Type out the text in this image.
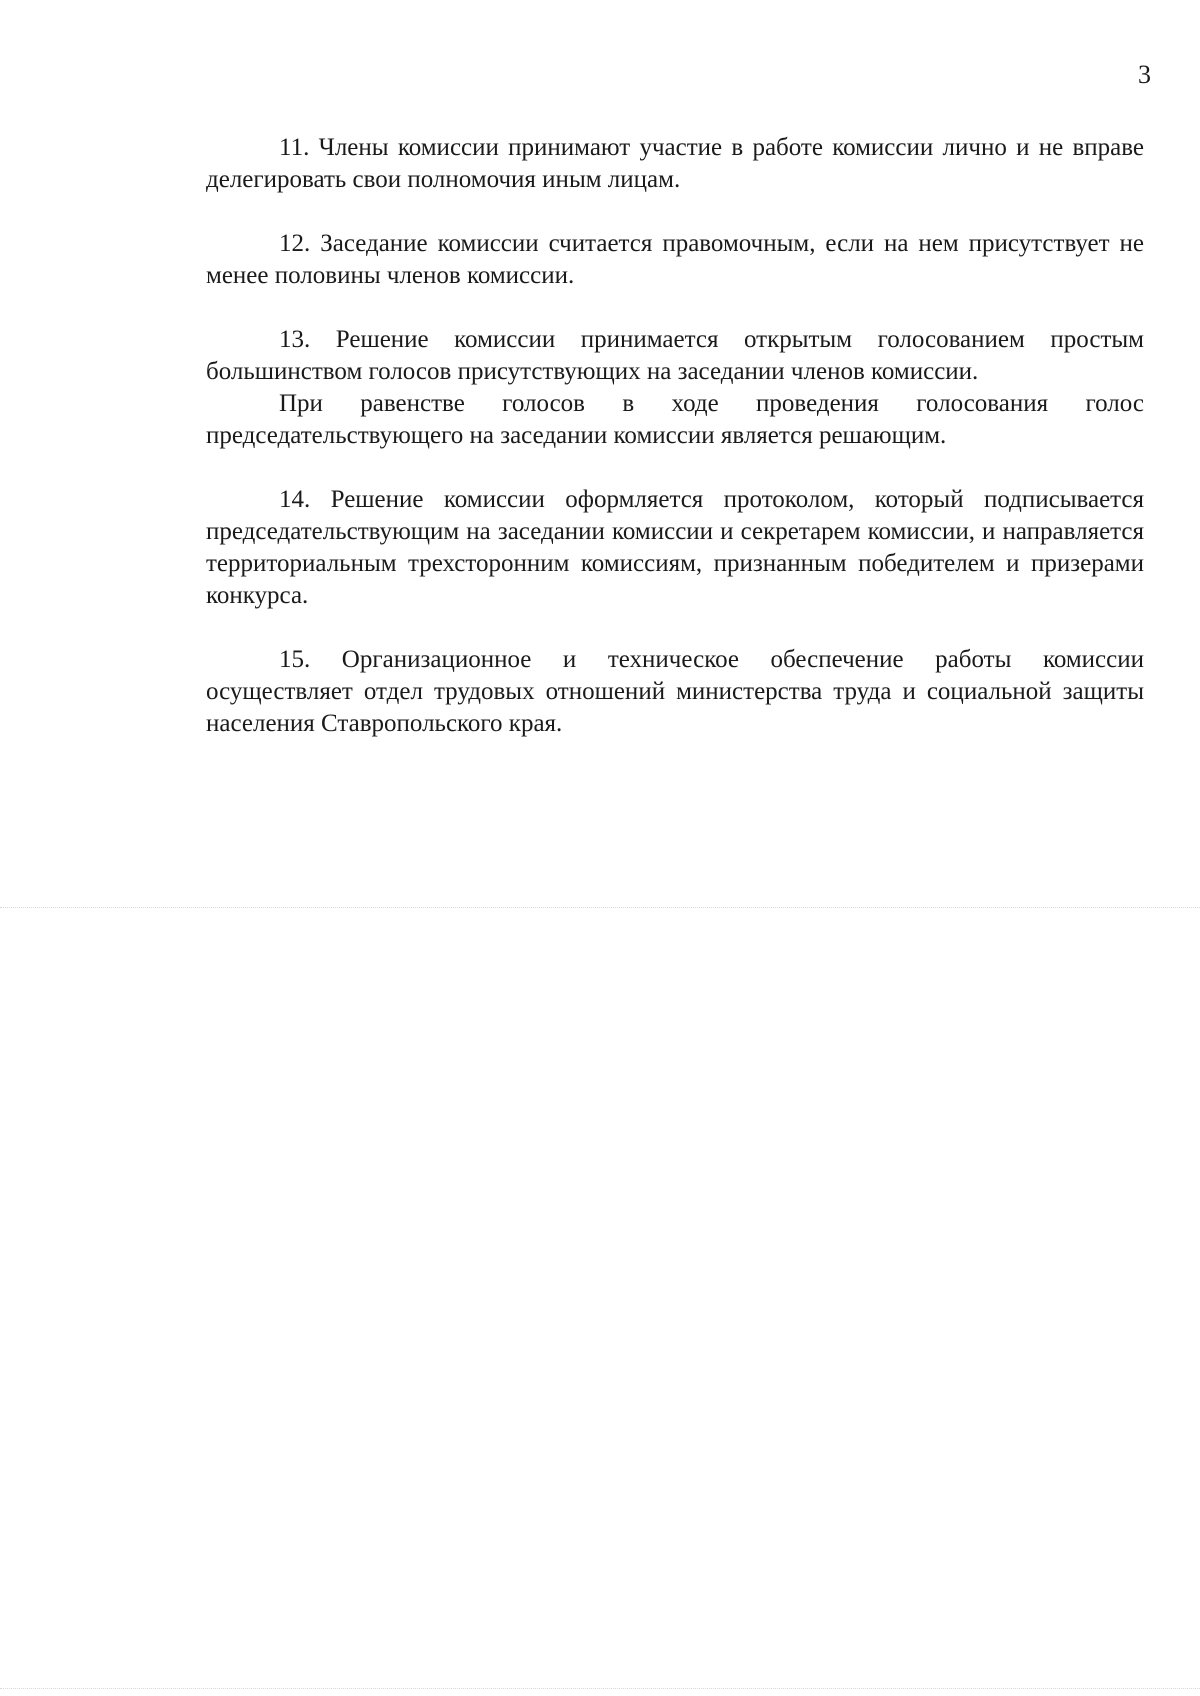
3

11. Члены комиссии принимают участие в работе комиссии лично и не вправе делегировать свои полномочия иным лицам.

12. Заседание комиссии считается правомочным, если на нем присутствует не менее половины членов комиссии.

13. Решение комиссии принимается открытым голосованием простым большинством голосов присутствующих на заседании членов комиссии.

При равенстве голосов в ходе проведения голосования голос председательствующего на заседании комиссии является решающим.

14. Решение комиссии оформляется протоколом, который подписывается председательствующим на заседании комиссии и секретарем комиссии, и направляется территориальным трехсторонним комиссиям, признанным победителем и призерами конкурса.

15. Организационное и техническое обеспечение работы комиссии осуществляет отдел трудовых отношений министерства труда и социальной защиты населения Ставропольского края.
